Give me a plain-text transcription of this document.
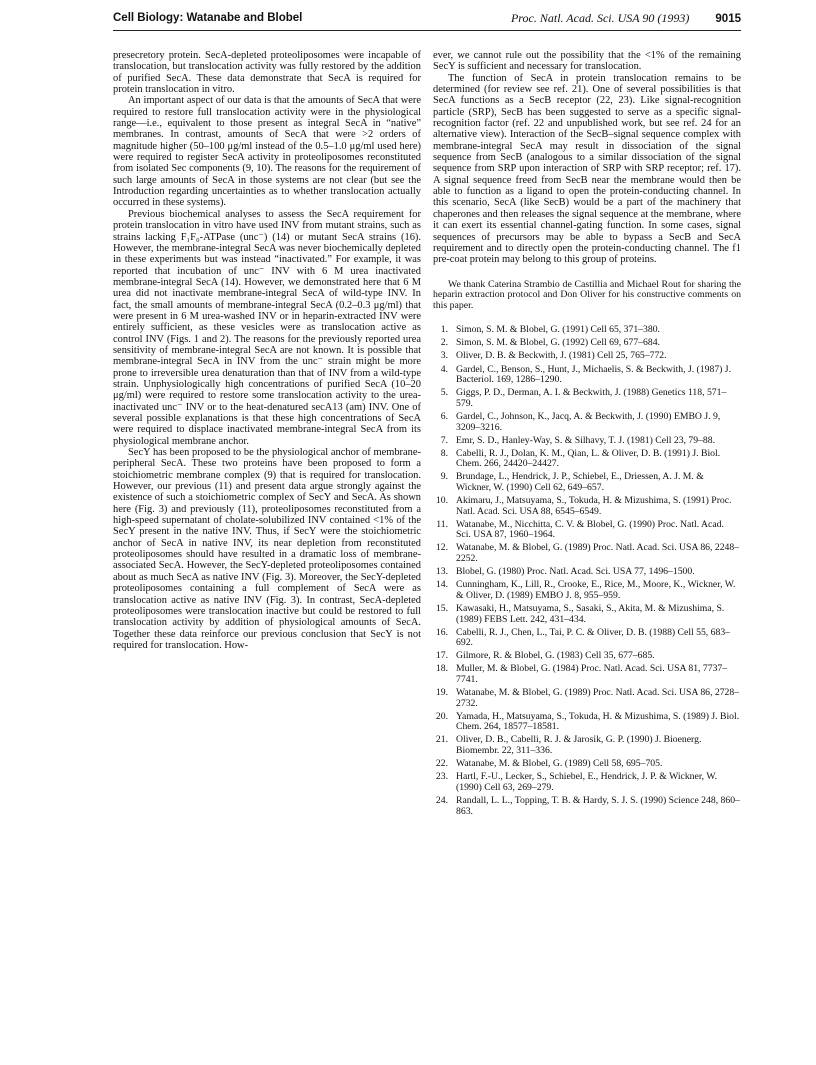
Cell Biology: Watanabe and Blobel	Proc. Natl. Acad. Sci. USA 90 (1993) 9015

presecretory protein. SecA-depleted proteoliposomes were incapable of translocation, but translocation activity was fully restored by the addition of purified SecA. These data demonstrate that SecA is required for protein translocation in vitro.

An important aspect of our data is that the amounts of SecA that were required to restore full translocation activity were in the physiological range—i.e., equivalent to those present as integral SecA in “native” membranes. In contrast, amounts of SecA that were >2 orders of magnitude higher (50–100 μg/ml instead of the 0.5–1.0 μg/ml used here) were required to register SecA activity in proteoliposomes reconstituted from isolated Sec components (9, 10). The reasons for the requirement of such large amounts of SecA in those systems are not clear (but see the Introduction regarding uncertainties as to whether translocation actually occurred in these systems).

Previous biochemical analyses to assess the SecA requirement for protein translocation in vitro have used INV from mutant strains, such as strains lacking F₁F₀-ATPase (unc⁻) (14) or mutant SecA strains (16). However, the membrane-integral SecA was never biochemically depleted in these experiments but was instead “inactivated.” For example, it was reported that incubation of unc⁻ INV with 6 M urea inactivated membrane-integral SecA (14). However, we demonstrated here that 6 M urea did not inactivate membrane-integral SecA of wild-type INV. In fact, the small amounts of membrane-integral SecA (0.2–0.3 μg/ml) that were present in 6 M urea-washed INV or in heparin-extracted INV were entirely sufficient, as these vesicles were as translocation active as control INV (Figs. 1 and 2). The reasons for the previously reported urea sensitivity of membrane-integral SecA are not known. It is possible that membrane-integral SecA in INV from the unc⁻ strain might be more prone to irreversible urea denaturation than that of INV from a wild-type strain. Unphysiologically high concentrations of purified SecA (10–20 μg/ml) were required to restore some translocation activity to the urea-inactivated unc⁻ INV or to the heat-denatured secA13 (am) INV. One of several possible explanations is that these high concentrations of SecA were required to displace inactivated membrane-integral SecA from its physiological membrane anchor.

SecY has been proposed to be the physiological anchor of membrane-peripheral SecA. These two proteins have been proposed to form a stoichiometric membrane complex (9) that is required for translocation. However, our previous (11) and present data argue strongly against the existence of such a stoichiometric complex of SecY and SecA. As shown here (Fig. 3) and previously (11), proteoliposomes reconstituted from a high-speed supernatant of cholate-solubilized INV contained <1% of the SecY present in the native INV. Thus, if SecY were the stoichiometric anchor of SecA in native INV, its near depletion from reconstituted proteoliposomes should have resulted in a dramatic loss of membrane-associated SecA. However, the SecY-depleted proteoliposomes contained about as much SecA as native INV (Fig. 3). Moreover, the SecY-depleted proteoliposomes containing a full complement of SecA were as translocation active as native INV (Fig. 3). In contrast, SecA-depleted proteoliposomes were translocation inactive but could be restored to full translocation activity by addition of physiological amounts of SecA. Together these data reinforce our previous conclusion that SecY is not required for translocation. How-

ever, we cannot rule out the possibility that the <1% of the remaining SecY is sufficient and necessary for translocation.

The function of SecA in protein translocation remains to be determined (for review see ref. 21). One of several possibilities is that SecA functions as a SecB receptor (22, 23). Like signal-recognition particle (SRP), SecB has been suggested to serve as a specific signal-recognition factor (ref. 22 and unpublished work, but see ref. 24 for an alternative view). Interaction of the SecB–signal sequence complex with membrane-integral SecA may result in dissociation of the signal sequence from SecB (analogous to a similar dissociation of the signal sequence from SRP upon interaction of SRP with SRP receptor; ref. 17). A signal sequence freed from SecB near the membrane would then be able to function as a ligand to open the protein-conducting channel. In this scenario, SecA (like SecB) would be a part of the machinery that chaperones and then releases the signal sequence at the membrane, where it can exert its essential channel-gating function. In some cases, signal sequences of precursors may be able to bypass a SecB and SecA requirement and to directly open the protein-conducting channel. The f1 pre-coat protein may belong to this group of proteins.

We thank Caterina Strambio de Castillia and Michael Rout for sharing the heparin extraction protocol and Don Oliver for his constructive comments on this paper.

1. Simon, S. M. & Blobel, G. (1991) Cell 65, 371–380.
2. Simon, S. M. & Blobel, G. (1992) Cell 69, 677–684.
3. Oliver, D. B. & Beckwith, J. (1981) Cell 25, 765–772.
4. Gardel, C., Benson, S., Hunt, J., Michaelis, S. & Beckwith, J. (1987) J. Bacteriol. 169, 1286–1290.
5. Giggs, P. D., Derman, A. I. & Beckwith, J. (1988) Genetics 118, 571–579.
6. Gardel, C., Johnson, K., Jacq, A. & Beckwith, J. (1990) EMBO J. 9, 3209–3216.
7. Emr, S. D., Hanley-Way, S. & Silhavy, T. J. (1981) Cell 23, 79–88.
8. Cabelli, R. J., Dolan, K. M., Qian, L. & Oliver, D. B. (1991) J. Biol. Chem. 266, 24420–24427.
9. Brundage, L., Hendrick, J. P., Schiebel, E., Driessen, A. J. M. & Wickner, W. (1990) Cell 62, 649–657.
10. Akimaru, J., Matsuyama, S., Tokuda, H. & Mizushima, S. (1991) Proc. Natl. Acad. Sci. USA 88, 6545–6549.
11. Watanabe, M., Nicchitta, C. V. & Blobel, G. (1990) Proc. Natl. Acad. Sci. USA 87, 1960–1964.
12. Watanabe, M. & Blobel, G. (1989) Proc. Natl. Acad. Sci. USA 86, 2248–2252.
13. Blobel, G. (1980) Proc. Natl. Acad. Sci. USA 77, 1496–1500.
14. Cunningham, K., Lill, R., Crooke, E., Rice, M., Moore, K., Wickner, W. & Oliver, D. (1989) EMBO J. 8, 955–959.
15. Kawasaki, H., Matsuyama, S., Sasaki, S., Akita, M. & Mizushima, S. (1989) FEBS Lett. 242, 431–434.
16. Cabelli, R. J., Chen, L., Tai, P. C. & Oliver, D. B. (1988) Cell 55, 683–692.
17. Gilmore, R. & Blobel, G. (1983) Cell 35, 677–685.
18. Muller, M. & Blobel, G. (1984) Proc. Natl. Acad. Sci. USA 81, 7737–7741.
19. Watanabe, M. & Blobel, G. (1989) Proc. Natl. Acad. Sci. USA 86, 2728–2732.
20. Yamada, H., Matsuyama, S., Tokuda, H. & Mizushima, S. (1989) J. Biol. Chem. 264, 18577–18581.
21. Oliver, D. B., Cabelli, R. J. & Jarosik, G. P. (1990) J. Bioenerg. Biomembr. 22, 311–336.
22. Watanabe, M. & Blobel, G. (1989) Cell 58, 695–705.
23. Hartl, F.-U., Lecker, S., Schiebel, E., Hendrick, J. P. & Wickner, W. (1990) Cell 63, 269–279.
24. Randall, L. L., Topping, T. B. & Hardy, S. J. S. (1990) Science 248, 860–863.
